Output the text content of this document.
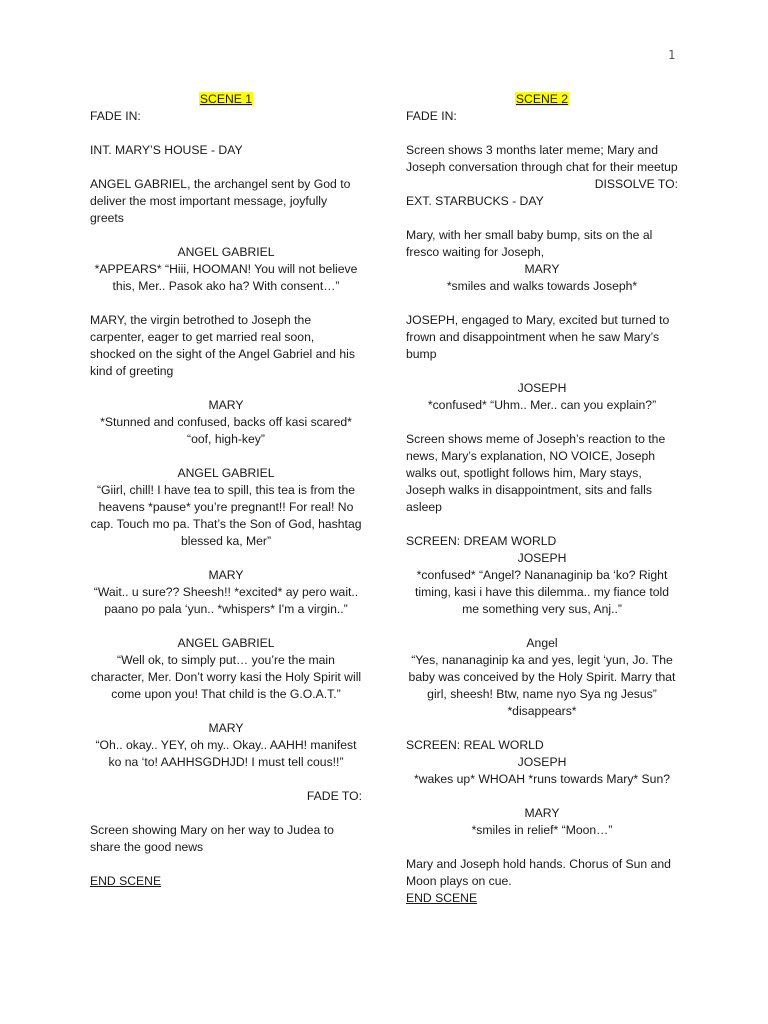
1

SCENE 1

FADE IN:

INT. MARY’S HOUSE - DAY

ANGEL GABRIEL, the archangel sent by God to deliver the most important message, joyfully greets

ANGEL GABRIEL

*APPEARS* “Hiii, HOOMAN! You will not believe this, Mer.. Pasok ako ha? With consent…”

MARY, the virgin betrothed to Joseph the carpenter, eager to get married real soon, shocked on the sight of the Angel Gabriel and his kind of greeting

MARY

*Stunned and confused, backs off kasi scared* “oof, high-key”

ANGEL GABRIEL

“Giirl, chill! I have tea to spill, this tea is from the heavens *pause* you’re pregnant!! For real! No cap. Touch mo pa. That’s the Son of God, hashtag blessed ka, Mer”

MARY

“Wait.. u sure?? Sheesh!! *excited* ay pero wait.. paano po pala ‘yun.. *whispers* I'm a virgin..”

ANGEL GABRIEL

“Well ok, to simply put… you’re the main character, Mer. Don’t worry kasi the Holy Spirit will come upon you! That child is the G.O.A.T.”

MARY

“Oh.. okay.. YEY, oh my.. Okay.. AAHH! manifest ko na ‘to! AAHHSGDHJD! I must tell cous!!”

FADE TO:

Screen showing Mary on her way to Judea to share the good news

END SCENE

SCENE 2

FADE IN:

Screen shows 3 months later meme; Mary and Joseph conversation through chat for their meetup

DISSOLVE TO:

EXT. STARBUCKS - DAY

Mary, with her small baby bump, sits on the al fresco waiting for Joseph,

MARY

*smiles and walks towards Joseph*

JOSEPH, engaged to Mary, excited but turned to frown and disappointment when he saw Mary’s bump

JOSEPH

*confused* “Uhm.. Mer.. can you explain?”

Screen shows meme of Joseph’s reaction to the news, Mary’s explanation, NO VOICE, Joseph walks out, spotlight follows him, Mary stays, Joseph walks in disappointment, sits and falls asleep

SCREEN: DREAM WORLD

JOSEPH

*confused* “Angel? Nananaginip ba ‘ko? Right timing, kasi i have this dilemma.. my fiance told me something very sus, Anj..”

Angel

“Yes, nananaginip ka and yes, legit ‘yun, Jo. The baby was conceived by the Holy Spirit. Marry that girl, sheesh! Btw, name nyo Sya ng Jesus” *disappears*

SCREEN: REAL WORLD

JOSEPH

*wakes up* WHOAH *runs towards Mary* Sun?

MARY

*smiles in relief* “Moon…”

Mary and Joseph hold hands. Chorus of Sun and Moon plays on cue.

END SCENE
